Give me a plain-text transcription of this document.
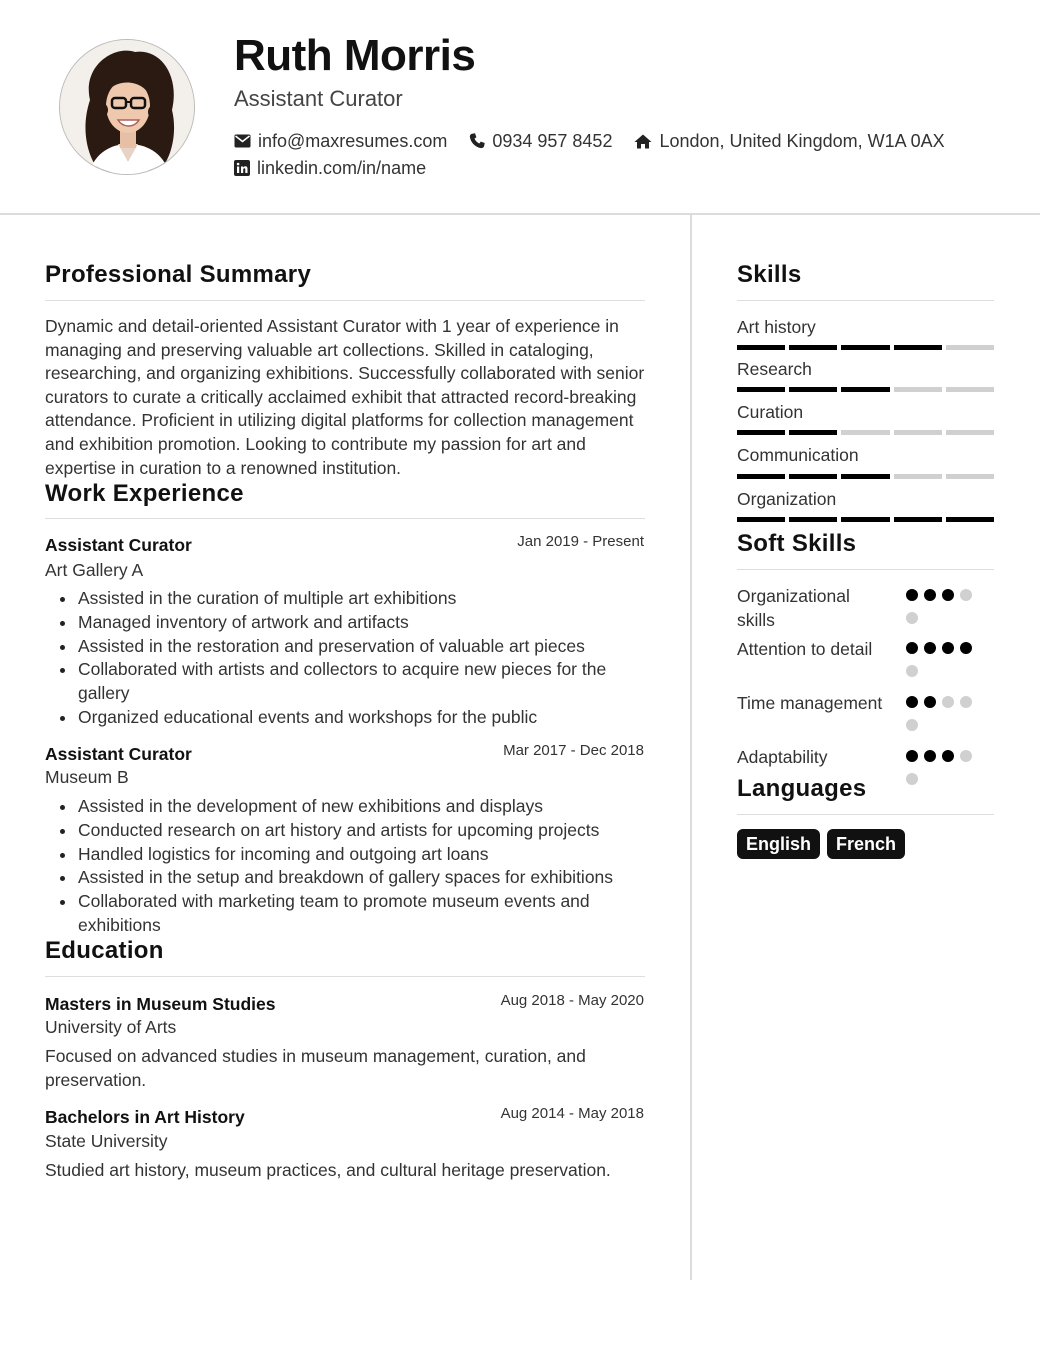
Ruth Morris
Assistant Curator
info@maxresumes.com	0934 957 8452	London, United Kingdom, W1A 0AX
linkedin.com/in/name
Professional Summary

Dynamic and detail-oriented Assistant Curator with 1 year of experience in managing and preserving valuable art collections. Skilled in cataloging, researching, and organizing exhibitions. Successfully collaborated with senior curators to curate a critically acclaimed exhibit that attracted record-breaking attendance. Proficient in utilizing digital platforms for collection management and exhibition promotion. Looking to contribute my passion for art and expertise in curation to a renowned institution.

Work Experience
Assistant Curator	Jan 2019 - Present
Art Gallery A
Assisted in the curation of multiple art exhibitions
Managed inventory of artwork and artifacts
Assisted in the restoration and preservation of valuable art pieces
Collaborated with artists and collectors to acquire new pieces for the gallery
Organized educational events and workshops for the public
Assistant Curator	Mar 2017 - Dec 2018
Museum B
Assisted in the development of new exhibitions and displays
Conducted research on art history and artists for upcoming projects
Handled logistics for incoming and outgoing art loans
Assisted in the setup and breakdown of gallery spaces for exhibitions
Collaborated with marketing team to promote museum events and exhibitions
Education
Masters in Museum Studies	Aug 2018 - May 2020
University of Arts

Focused on advanced studies in museum management, curation, and preservation.

Bachelors in Art History	Aug 2014 - May 2018
State University

Studied art history, museum practices, and cultural heritage preservation.

Skills
Art history
Research
Curation
Communication
Organization
Soft Skills
Organizational skills
Attention to detail
Time management
Adaptability
Languages
English	French
